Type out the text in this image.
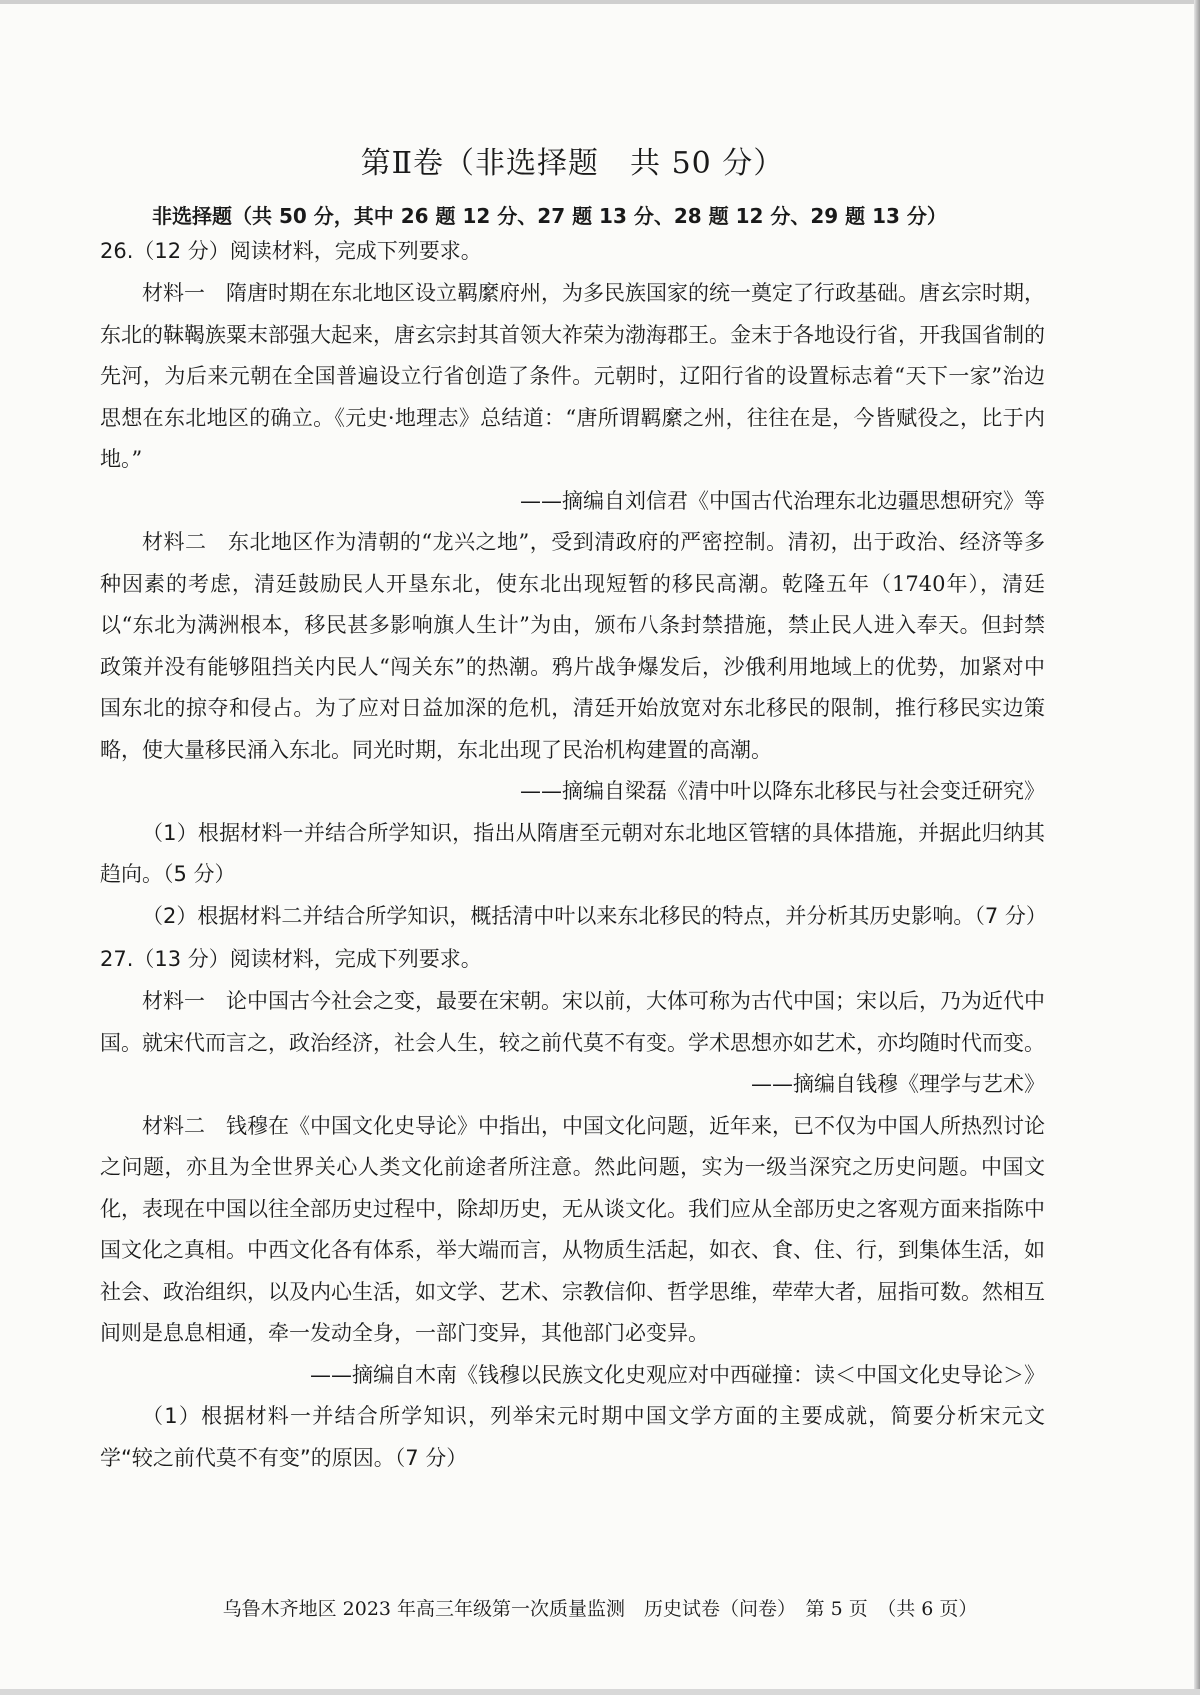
第Ⅱ卷（非选择题　共 50 分）
非选择题（共 50 分，其中 26 题 12 分、27 题 13 分、28 题 12 分、29 题 13 分）
26.（12 分）阅读材料，完成下列要求。

材料一　隋唐时期在东北地区设立羁縻府州，为多民族国家的统一奠定了行政基础。唐玄宗时期，东北的靺鞨族粟末部强大起来，唐玄宗封其首领大祚荣为渤海郡王。金末于各地设行省，开我国省制的先河，为后来元朝在全国普遍设立行省创造了条件。元朝时，辽阳行省的设置标志着“天下一家”治边思想在东北地区的确立。《元史·地理志》总结道：“唐所谓羁縻之州，往往在是，今皆赋役之，比于内地。”

——摘编自刘信君《中国古代治理东北边疆思想研究》等

材料二　东北地区作为清朝的“龙兴之地”，受到清政府的严密控制。清初，出于政治、经济等多种因素的考虑，清廷鼓励民人开垦东北，使东北出现短暂的移民高潮。乾隆五年（1740年），清廷以“东北为满洲根本，移民甚多影响旗人生计”为由，颁布八条封禁措施，禁止民人进入奉天。但封禁政策并没有能够阻挡关内民人“闯关东”的热潮。鸦片战争爆发后，沙俄利用地域上的优势，加紧对中国东北的掠夺和侵占。为了应对日益加深的危机，清廷开始放宽对东北移民的限制，推行移民实边策略，使大量移民涌入东北。同光时期，东北出现了民治机构建置的高潮。

——摘编自梁磊《清中叶以降东北移民与社会变迁研究》

（1）根据材料一并结合所学知识，指出从隋唐至元朝对东北地区管辖的具体措施，并据此归纳其趋向。（5 分）

（2）根据材料二并结合所学知识，概括清中叶以来东北移民的特点，并分析其历史影响。（7 分）

27.（13 分）阅读材料，完成下列要求。

材料一　论中国古今社会之变，最要在宋朝。宋以前，大体可称为古代中国；宋以后，乃为近代中国。就宋代而言之，政治经济，社会人生，较之前代莫不有变。学术思想亦如艺术，亦均随时代而变。

——摘编自钱穆《理学与艺术》

材料二　钱穆在《中国文化史导论》中指出，中国文化问题，近年来，已不仅为中国人所热烈讨论之问题，亦且为全世界关心人类文化前途者所注意。然此问题，实为一级当深究之历史问题。中国文化，表现在中国以往全部历史过程中，除却历史，无从谈文化。我们应从全部历史之客观方面来指陈中国文化之真相。中西文化各有体系，举大端而言，从物质生活起，如衣、食、住、行，到集体生活，如社会、政治组织，以及内心生活，如文学、艺术、宗教信仰、哲学思维，荦荦大者，屈指可数。然相互间则是息息相通，牵一发动全身，一部门变异，其他部门必变异。

——摘编自木南《钱穆以民族文化史观应对中西碰撞：读＜中国文化史导论＞》

（1）根据材料一并结合所学知识，列举宋元时期中国文学方面的主要成就，简要分析宋元文学“较之前代莫不有变”的原因。（7 分）

乌鲁木齐地区 2023 年高三年级第一次质量监测　历史试卷（问卷）　第 5 页　（共 6 页）
